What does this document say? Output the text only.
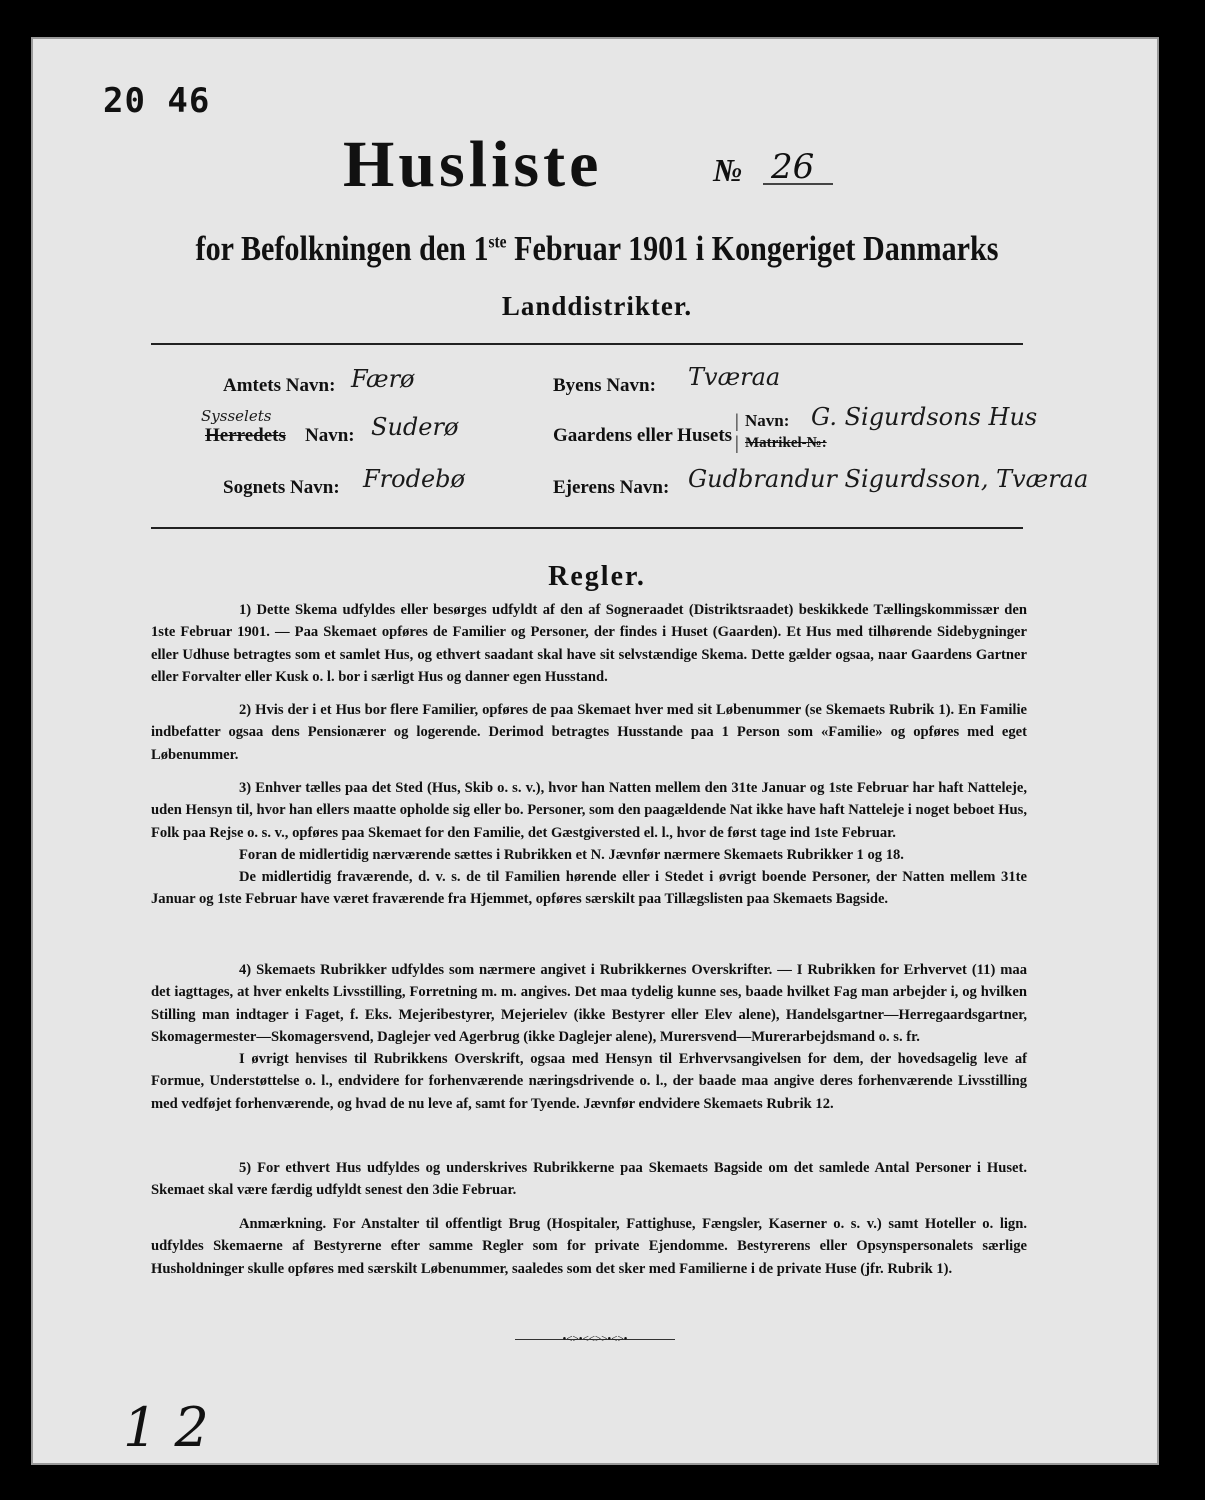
20 46
Husliste	№ 26
for Befolkningen den 1ste Februar 1901 i Kongeriget Danmarks
Landdistrikter.
Amtets Navn: Færø
Sysselets
Herredets Navn: Suderø
Sognets Navn: Frodebø
Byens Navn: Tværaa
Gaardens eller Husets
|
|
Navn: G. Sigurdsons Hus
Matrikel-№:
Ejerens Navn: Gudbrandur Sigurdsson, Tværaa
Regler.

1) Dette Skema udfyldes eller besørges udfyldt af den af Sogneraadet (Distriktsraadet) beskikkede Tællingskommissær den 1ste Februar 1901. — Paa Skemaet opføres de Familier og Personer, der findes i Huset (Gaarden). Et Hus med tilhørende Sidebygninger eller Udhuse betragtes som et samlet Hus, og ethvert saadant skal have sit selvstændige Skema. Dette gælder ogsaa, naar Gaardens Gartner eller Forvalter eller Kusk o. l. bor i særligt Hus og danner egen Husstand.

2) Hvis der i et Hus bor flere Familier, opføres de paa Skemaet hver med sit Løbenummer (se Skemaets Rubrik 1). En Familie indbefatter ogsaa dens Pensionærer og logerende. Derimod betragtes Husstande paa 1 Person som «Familie» og opføres med eget Løbenummer.

3) Enhver tælles paa det Sted (Hus, Skib o. s. v.), hvor han Natten mellem den 31te Januar og 1ste Februar har haft Natteleje, uden Hensyn til, hvor han ellers maatte opholde sig eller bo. Personer, som den paagældende Nat ikke have haft Natteleje i noget beboet Hus, Folk paa Rejse o. s. v., opføres paa Skemaet for den Familie, det Gæstgiversted el. l., hvor de først tage ind 1ste Februar.

Foran de midlertidig nærværende sættes i Rubrikken et N. Jævnfør nærmere Skemaets Rubrikker 1 og 18.

De midlertidig fraværende, d. v. s. de til Familien hørende eller i Stedet i øvrigt boende Personer, der Natten mellem 31te Januar og 1ste Februar have været fraværende fra Hjemmet, opføres særskilt paa Tillægslisten paa Skemaets Bagside.

4) Skemaets Rubrikker udfyldes som nærmere angivet i Rubrikkernes Overskrifter. — I Rubrikken for Erhvervet (11) maa det iagttages, at hver enkelts Livsstilling, Forretning m. m. angives. Det maa tydelig kunne ses, baade hvilket Fag man arbejder i, og hvilken Stilling man indtager i Faget, f. Eks. Mejeribestyrer, Mejerielev (ikke Bestyrer eller Elev alene), Handelsgartner—Herregaardsgartner, Skomagermester—Skomagersvend, Daglejer ved Agerbrug (ikke Daglejer alene), Murersvend—Murerarbejdsmand o. s. fr.

I øvrigt henvises til Rubrikkens Overskrift, ogsaa med Hensyn til Erhvervsangivelsen for dem, der hovedsagelig leve af Formue, Understøttelse o. l., endvidere for forhenværende næringsdrivende o. l., der baade maa angive deres forhenværende Livsstilling med vedføjet forhenværende, og hvad de nu leve af, samt for Tyende. Jævnfør endvidere Skemaets Rubrik 12.

5) For ethvert Hus udfyldes og underskrives Rubrikkerne paa Skemaets Bagside om det samlede Antal Personer i Huset. Skemaet skal være færdig udfyldt senest den 3die Februar.

Anmærkning. For Anstalter til offentligt Brug (Hospitaler, Fattighuse, Fængsler, Kaserner o. s. v.) samt Hoteller o. lign. udfyldes Skemaerne af Bestyrerne efter samme Regler som for private Ejendomme. Bestyrerens eller Opsynspersonalets særlige Husholdninger skulle opføres med særskilt Løbenummer, saaledes som det sker med Familierne i de private Huse (jfr. Rubrik 1).

•<>•<<>>•<>•
1 2
